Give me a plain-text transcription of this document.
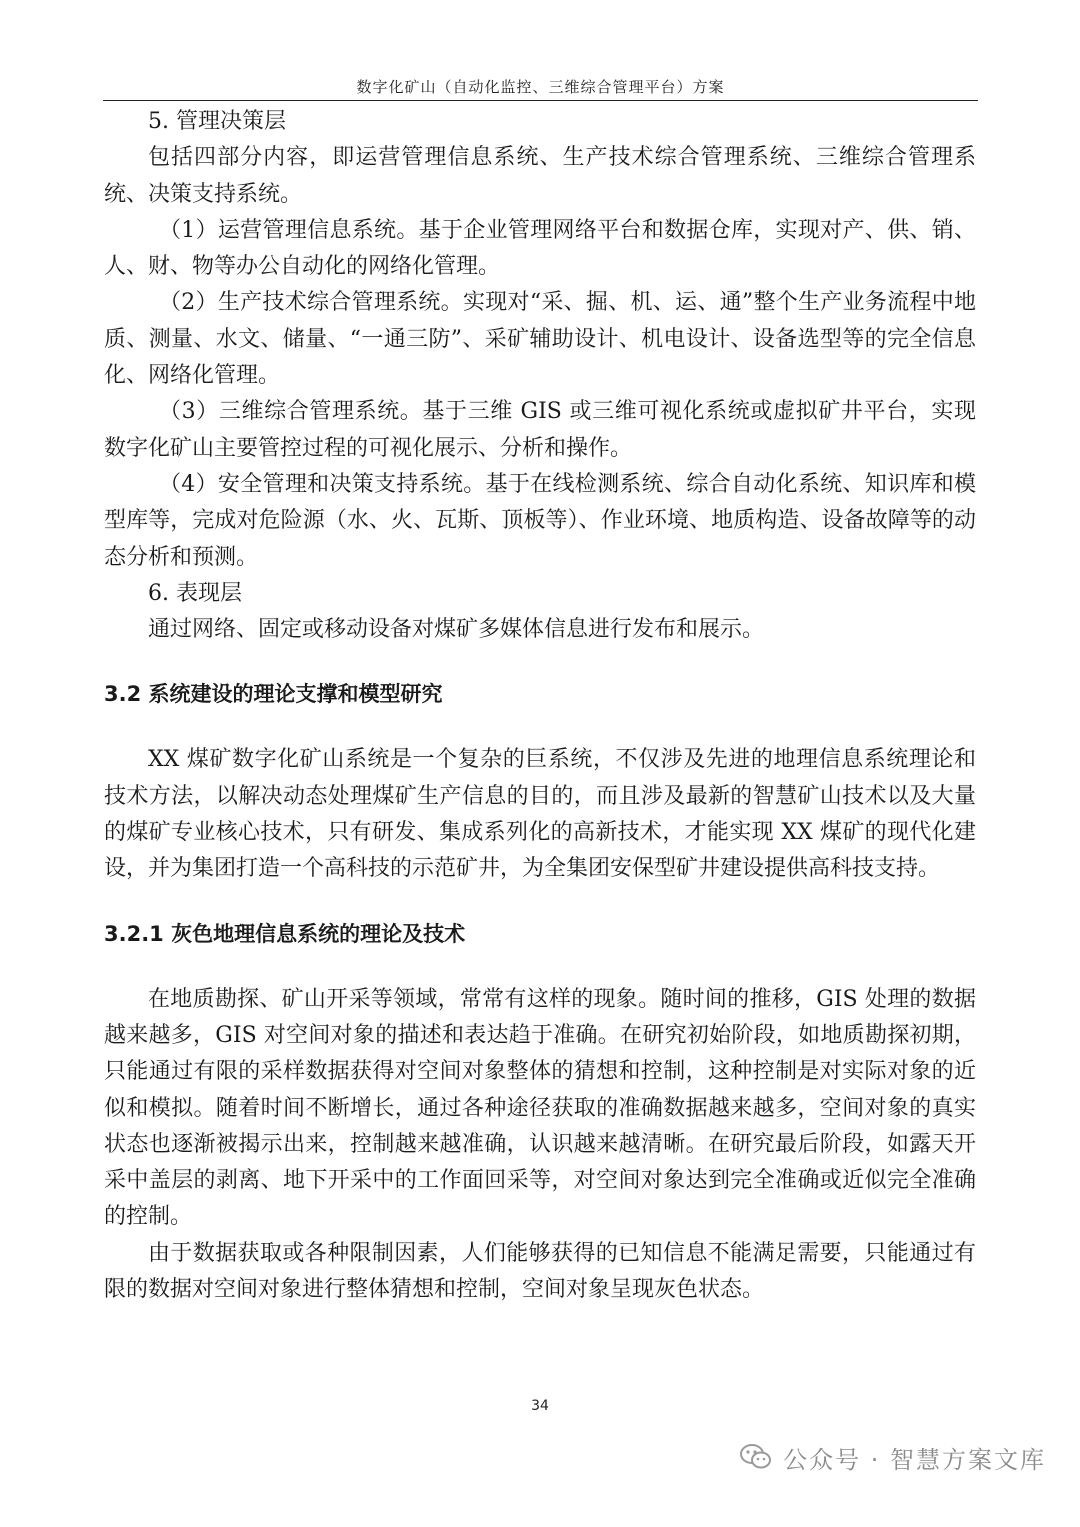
数字化矿山（自动化监控、三维综合管理平台）方案

5. 管理决策层

包括四部分内容，即运营管理信息系统、生产技术综合管理系统、三维综合管理系统、决策支持系统。

（1）运营管理信息系统。基于企业管理网络平台和数据仓库，实现对产、供、销、人、财、物等办公自动化的网络化管理。

（2）生产技术综合管理系统。实现对“采、掘、机、运、通”整个生产业务流程中地质、测量、水文、储量、“一通三防”、采矿辅助设计、机电设计、设备选型等的完全信息化、网络化管理。

（3）三维综合管理系统。基于三维 GIS 或三维可视化系统或虚拟矿井平台，实现数字化矿山主要管控过程的可视化展示、分析和操作。

（4）安全管理和决策支持系统。基于在线检测系统、综合自动化系统、知识库和模型库等，完成对危险源（水、火、瓦斯、顶板等）、作业环境、地质构造、设备故障等的动态分析和预测。

6. 表现层

通过网络、固定或移动设备对煤矿多媒体信息进行发布和展示。

3.2 系统建设的理论支撑和模型研究

XX 煤矿数字化矿山系统是一个复杂的巨系统，不仅涉及先进的地理信息系统理论和技术方法，以解决动态处理煤矿生产信息的目的，而且涉及最新的智慧矿山技术以及大量的煤矿专业核心技术，只有研发、集成系列化的高新技术，才能实现 XX 煤矿的现代化建设，并为集团打造一个高科技的示范矿井，为全集团安保型矿井建设提供高科技支持。

3.2.1 灰色地理信息系统的理论及技术

在地质勘探、矿山开采等领域，常常有这样的现象。随时间的推移，GIS 处理的数据越来越多，GIS 对空间对象的描述和表达趋于准确。在研究初始阶段，如地质勘探初期，只能通过有限的采样数据获得对空间对象整体的猜想和控制，这种控制是对实际对象的近似和模拟。随着时间不断增长，通过各种途径获取的准确数据越来越多，空间对象的真实状态也逐渐被揭示出来，控制越来越准确，认识越来越清晰。在研究最后阶段，如露天开采中盖层的剥离、地下开采中的工作面回采等，对空间对象达到完全准确或近似完全准确的控制。

由于数据获取或各种限制因素，人们能够获得的已知信息不能满足需要，只能通过有限的数据对空间对象进行整体猜想和控制，空间对象呈现灰色状态。

34
公众号 · 智慧方案文库
